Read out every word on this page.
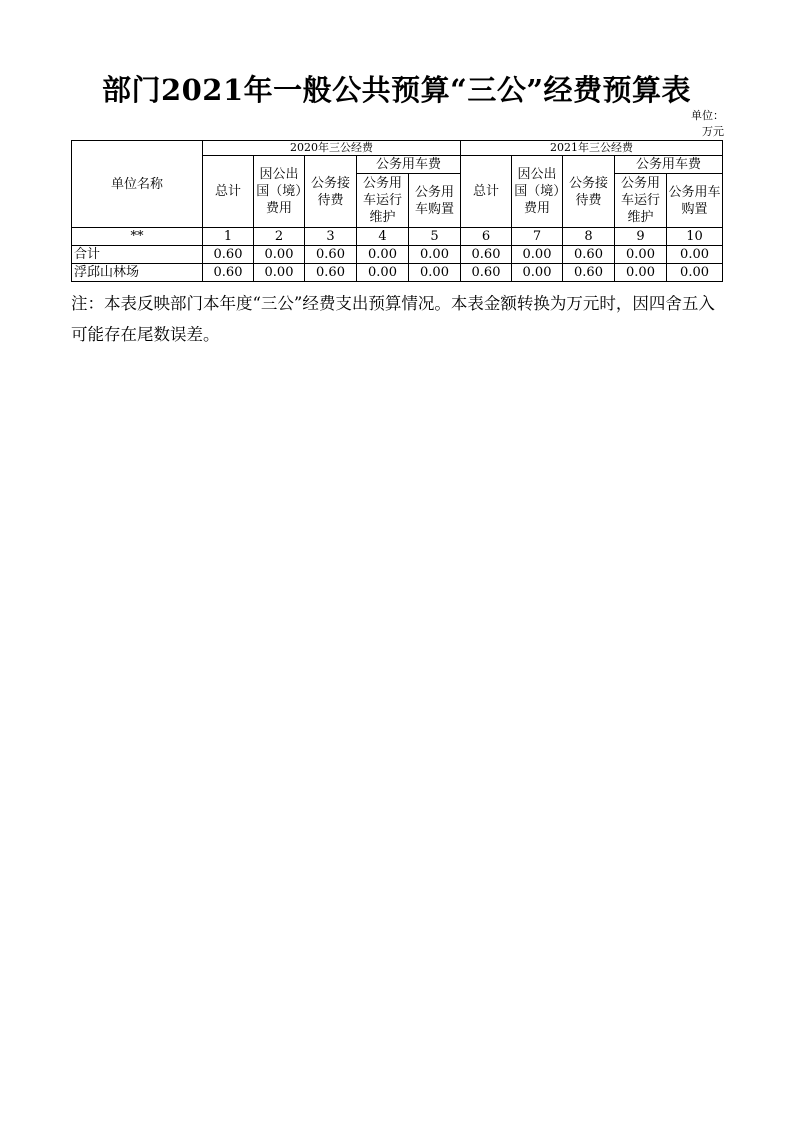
部门2021年一般公共预算“三公”经费预算表
单位：万元
单位名称	2020年三公经费					2021年三公经费				
	总计	因公出国（境）费用	公务接待费	公务用车费		总计	因公出国（境）费用	公务接待费	公务用车费	
				公务用车运行维护	公务用车购置				公务用车运行维护	公务用车购置

**	1	2	3	4	5	6	7	8	9	10
合计	0.60	0.00	0.60	0.00	0.00	0.60	0.00	0.60	0.00	0.00
浮邱山林场	0.60	0.00	0.60	0.00	0.00	0.60	0.00	0.60	0.00	0.00
注：本表反映部门本年度“三公”经费支出预算情况。本表金额转换为万元时，因四舍五入可能存在尾数误差。
